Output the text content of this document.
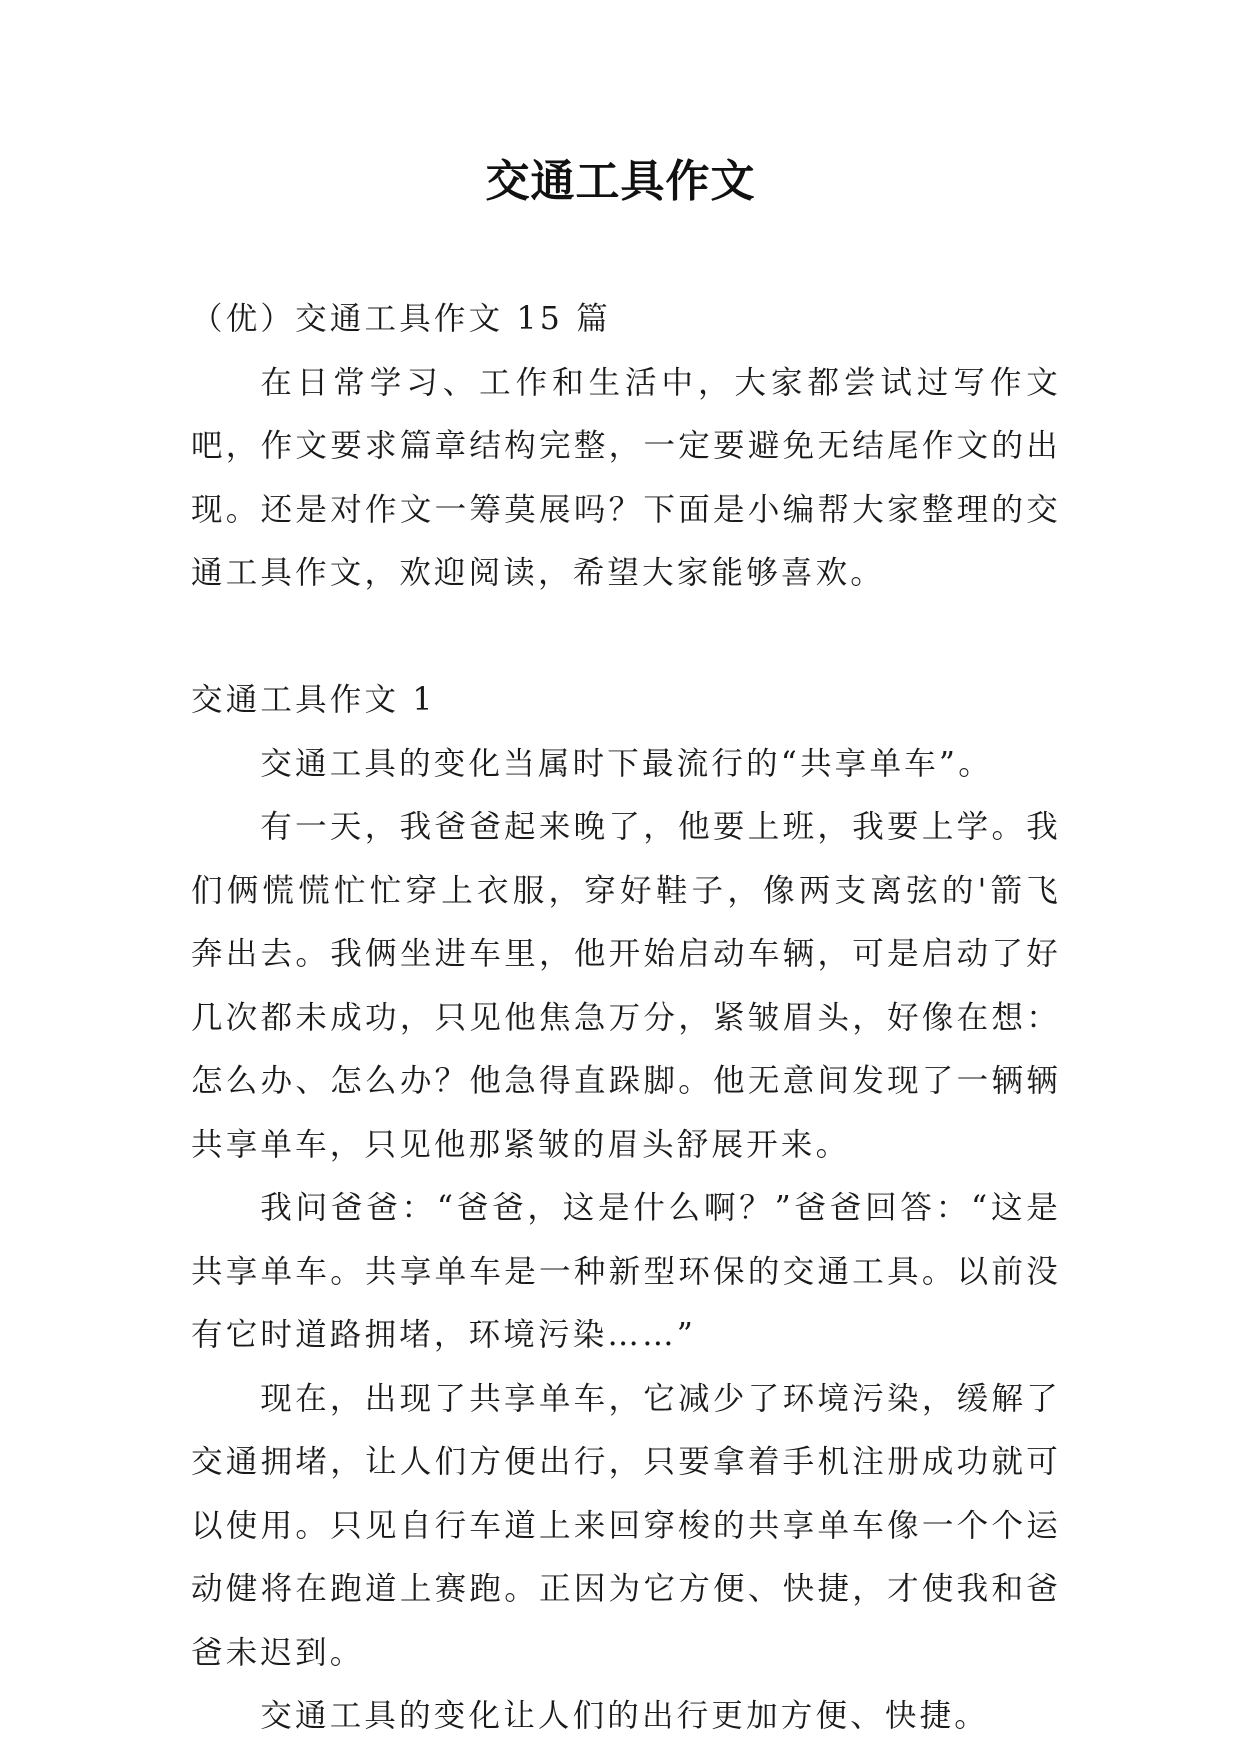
交通工具作文

（优）交通工具作文 15 篇

在日常学习、工作和生活中，大家都尝试过写作文吧，作文要求篇章结构完整，一定要避免无结尾作文的出现。还是对作文一筹莫展吗？下面是小编帮大家整理的交通工具作文，欢迎阅读，希望大家能够喜欢。

交通工具作文 1

交通工具的变化当属时下最流行的“共享单车”。

有一天，我爸爸起来晚了，他要上班，我要上学。我们俩慌慌忙忙穿上衣服，穿好鞋子，像两支离弦的'箭飞奔出去。我俩坐进车里，他开始启动车辆，可是启动了好几次都未成功，只见他焦急万分，紧皱眉头，好像在想：怎么办、怎么办？他急得直跺脚。他无意间发现了一辆辆共享单车，只见他那紧皱的眉头舒展开来。

我问爸爸：“爸爸，这是什么啊？”爸爸回答：“这是共享单车。共享单车是一种新型环保的交通工具。以前没有它时道路拥堵，环境污染……”

现在，出现了共享单车，它减少了环境污染，缓解了交通拥堵，让人们方便出行，只要拿着手机注册成功就可以使用。只见自行车道上来回穿梭的共享单车像一个个运动健将在跑道上赛跑。正因为它方便、快捷，才使我和爸爸未迟到。

交通工具的变化让人们的出行更加方便、快捷。
